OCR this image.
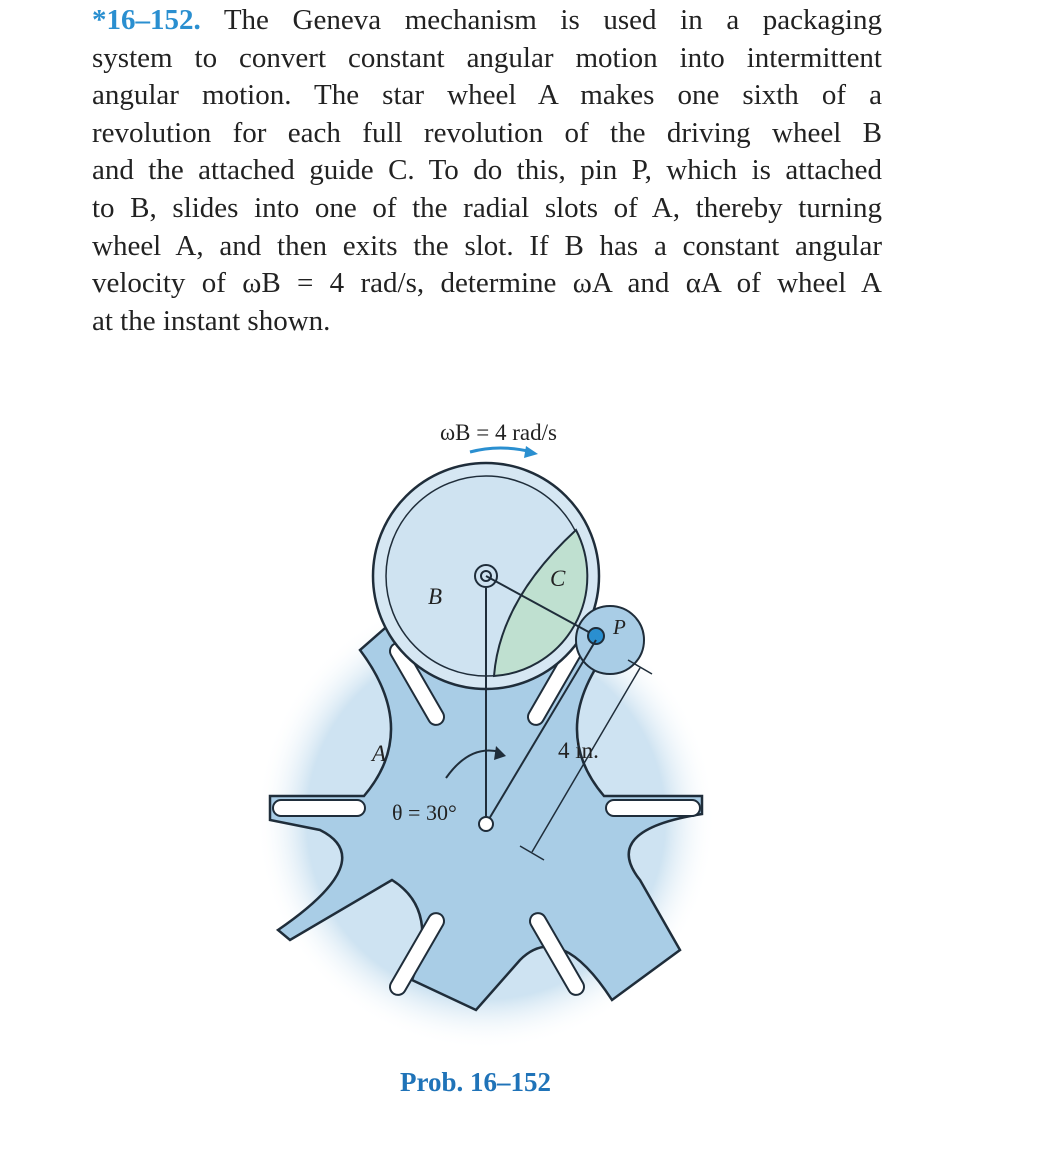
*16–152. The Geneva mechanism is used in a packaging
system to convert constant angular motion into intermittent
angular motion. The star wheel A makes one sixth of a
revolution for each full revolution of the driving wheel B
and the attached guide C. To do this, pin P, which is attached
to B, slides into one of the radial slots of A, thereby turning
wheel A, and then exits the slot. If B has a constant angular
velocity of ωB = 4 rad/s, determine ωA and αA of wheel A
at the instant shown.
ωB = 4 rad/s
B
C
P
A	4 in.
θ = 30°
Prob. 16–152
